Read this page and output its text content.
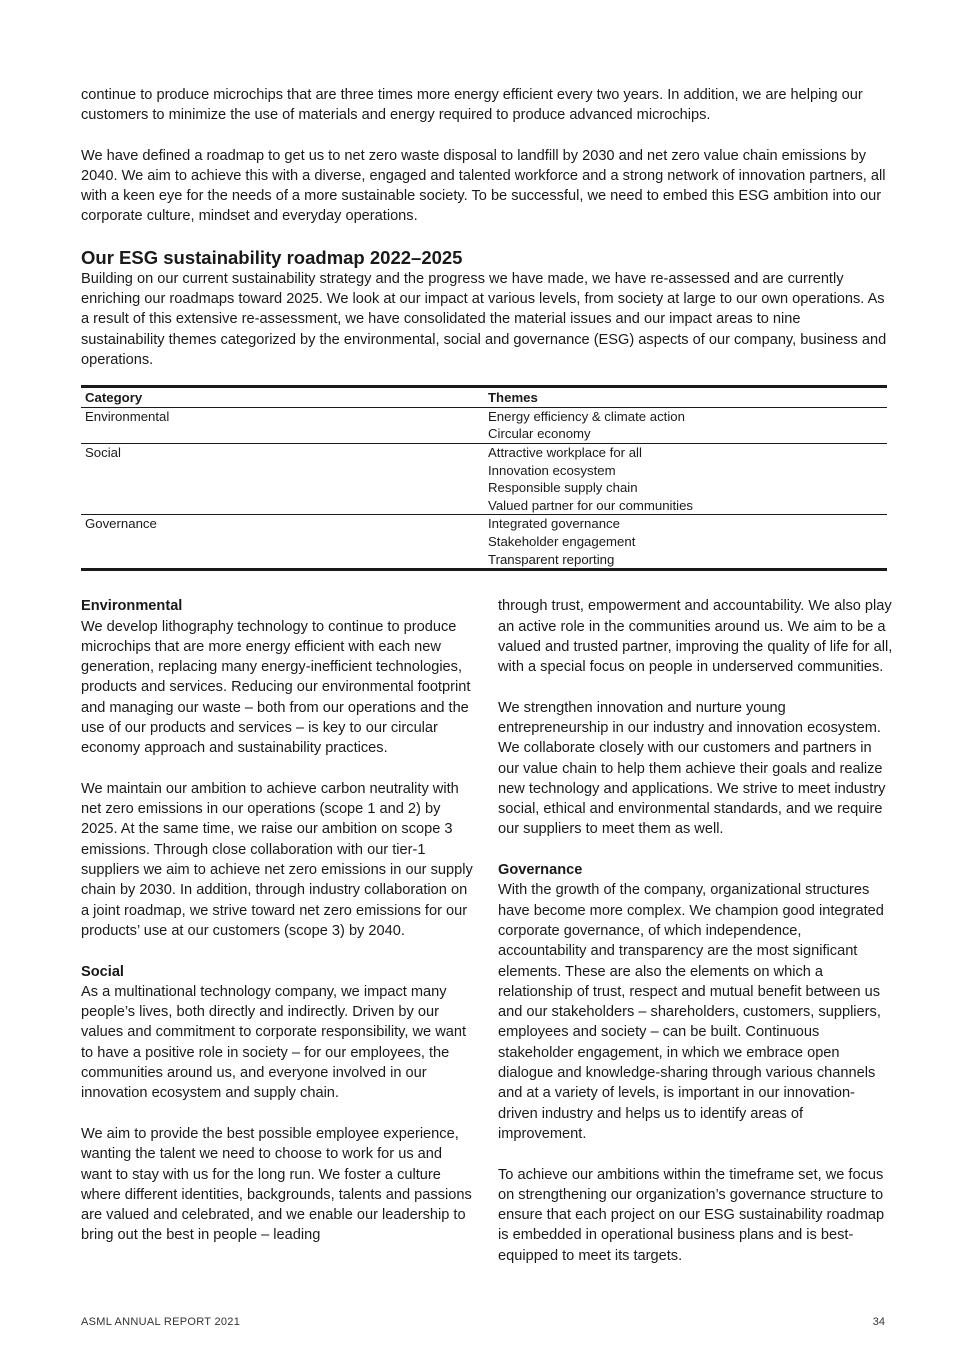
continue to produce microchips that are three times more energy efficient every two years. In addition, we are helping our customers to minimize the use of materials and energy required to produce advanced microchips.

We have defined a roadmap to get us to net zero waste disposal to landfill by 2030 and net zero value chain emissions by 2040. We aim to achieve this with a diverse, engaged and talented workforce and a strong network of innovation partners, all with a keen eye for the needs of a more sustainable society. To be successful, we need to embed this ESG ambition into our corporate culture, mindset and everyday operations.

Our ESG sustainability roadmap 2022–2025

Building on our current sustainability strategy and the progress we have made, we have re-assessed and are currently enriching our roadmaps toward 2025. We look at our impact at various levels, from society at large to our own operations. As a result of this extensive re-assessment, we have consolidated the material issues and our impact areas to nine sustainability themes categorized by the environmental, social and governance (ESG) aspects of our company, business and operations.

Category	Themes
Environmental	Energy efficiency & climate action
Circular economy

Social	Attractive workplace for all
Innovation ecosystem
Responsible supply chain
Valued partner for our communities

Governance	Integrated governance
Stakeholder engagement
Transparent reporting

Environmental
We develop lithography technology to continue to produce microchips that are more energy efficient with each new generation, replacing many energy-inefficient technologies, products and services. Reducing our environmental footprint and managing our waste – both from our operations and the use of our products and services – is key to our circular economy approach and sustainability practices.

We maintain our ambition to achieve carbon neutrality with net zero emissions in our operations (scope 1 and 2) by 2025. At the same time, we raise our ambition on scope 3 emissions. Through close collaboration with our tier-1 suppliers we aim to achieve net zero emissions in our supply chain by 2030. In addition, through industry collaboration on a joint roadmap, we strive toward net zero emissions for our products’ use at our customers (scope 3) by 2040.

Social
As a multinational technology company, we impact many people’s lives, both directly and indirectly. Driven by our values and commitment to corporate responsibility, we want to have a positive role in society – for our employees, the communities around us, and everyone involved in our innovation ecosystem and supply chain.

We aim to provide the best possible employee experience, wanting the talent we need to choose to work for us and want to stay with us for the long run. We foster a culture where different identities, backgrounds, talents and passions are valued and celebrated, and we enable our leadership to bring out the best in people – leading

through trust, empowerment and accountability. We also play an active role in the communities around us. We aim to be a valued and trusted partner, improving the quality of life for all, with a special focus on people in underserved communities.

We strengthen innovation and nurture young entrepreneurship in our industry and innovation ecosystem. We collaborate closely with our customers and partners in our value chain to help them achieve their goals and realize new technology and applications. We strive to meet industry social, ethical and environmental standards, and we require our suppliers to meet them as well.

Governance
With the growth of the company, organizational structures have become more complex. We champion good integrated corporate governance, of which independence, accountability and transparency are the most significant elements. These are also the elements on which a relationship of trust, respect and mutual benefit between us and our stakeholders – shareholders, customers, suppliers, employees and society – can be built. Continuous stakeholder engagement, in which we embrace open dialogue and knowledge-sharing through various channels and at a variety of levels, is important in our innovation-driven industry and helps us to identify areas of improvement.

To achieve our ambitions within the timeframe set, we focus on strengthening our organization’s governance structure to ensure that each project on our ESG sustainability roadmap is embedded in operational business plans and is best-equipped to meet its targets.

ASML ANNUAL REPORT 2021	34
